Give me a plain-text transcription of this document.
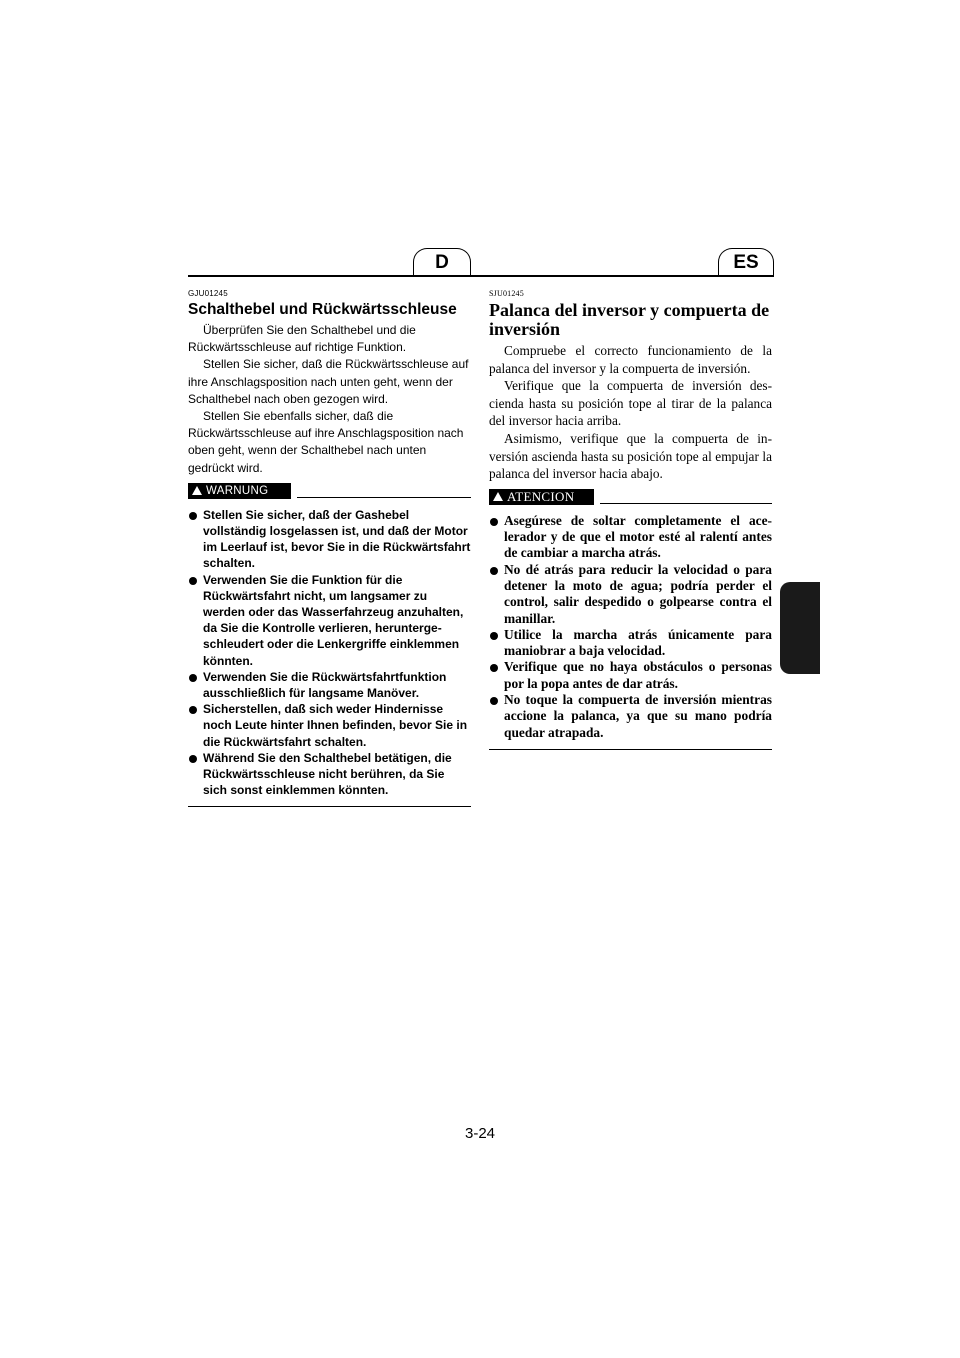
D	ES

GJU01245

Schalthebel und Rückwärtsschleuse

Überprüfen Sie den Schalthebel und die Rückwärtsschleuse auf richtige Funktion.

Stellen Sie sicher, daß die Rückwärtsschleuse auf ihre Anschlagsposition nach unten geht, wenn der Schalthebel nach oben gezogen wird.

Stellen Sie ebenfalls sicher, daß die Rückwärtsschleuse auf ihre Anschlagsposition nach oben geht, wenn der Schalthebel nach unten gedrückt wird.

WARNUNG
Stellen Sie sicher, daß der Gashebel vollständig losgelassen ist, und daß der Motor im Leerlauf ist, bevor Sie in die Rückwärtsfahrt schalten.
Verwenden Sie die Funktion für die Rückwärtsfahrt nicht, um langsamer zu werden oder das Wasserfahrzeug anzuhalten, da Sie die Kontrolle verlieren, heruntergeschleudert oder die Lenkergriffe einklemmen könnten.
Verwenden Sie die Rückwärtsfahrtfunktion ausschließlich für langsame Manöver.
Sicherstellen, daß sich weder Hindernisse noch Leute hinter Ihnen befinden, bevor Sie in die Rückwärtsfahrt schalten.
Während Sie den Schalthebel betätigen, die Rückwärtsschleuse nicht berühren, da Sie sich sonst einklemmen könnten.

SJU01245

Palanca del inversor y compuerta de inversión

Compruebe el correcto funcionamiento de la palanca del inversor y la compuerta de inversión.

Verifique que la compuerta de inversión descienda hasta su posición tope al tirar de la palanca del inversor hacia arriba.

Asimismo, verifique que la compuerta de inversión ascienda hasta su posición tope al empujar la palanca del inversor hacia abajo.

ATENCION
Asegúrese de soltar completamente el acelerador y de que el motor esté al ralentí antes de cambiar a marcha atrás.
No dé atrás para reducir la velocidad o para detener la moto de agua; podría perder el control, salir despedido o golpearse contra el manillar.
Utilice la marcha atrás únicamente para maniobrar a baja velocidad.
Verifique que no haya obstáculos o personas por la popa antes de dar atrás.
No toque la compuerta de inversión mientras accione la palanca, ya que su mano podría quedar atrapada.
3-24
